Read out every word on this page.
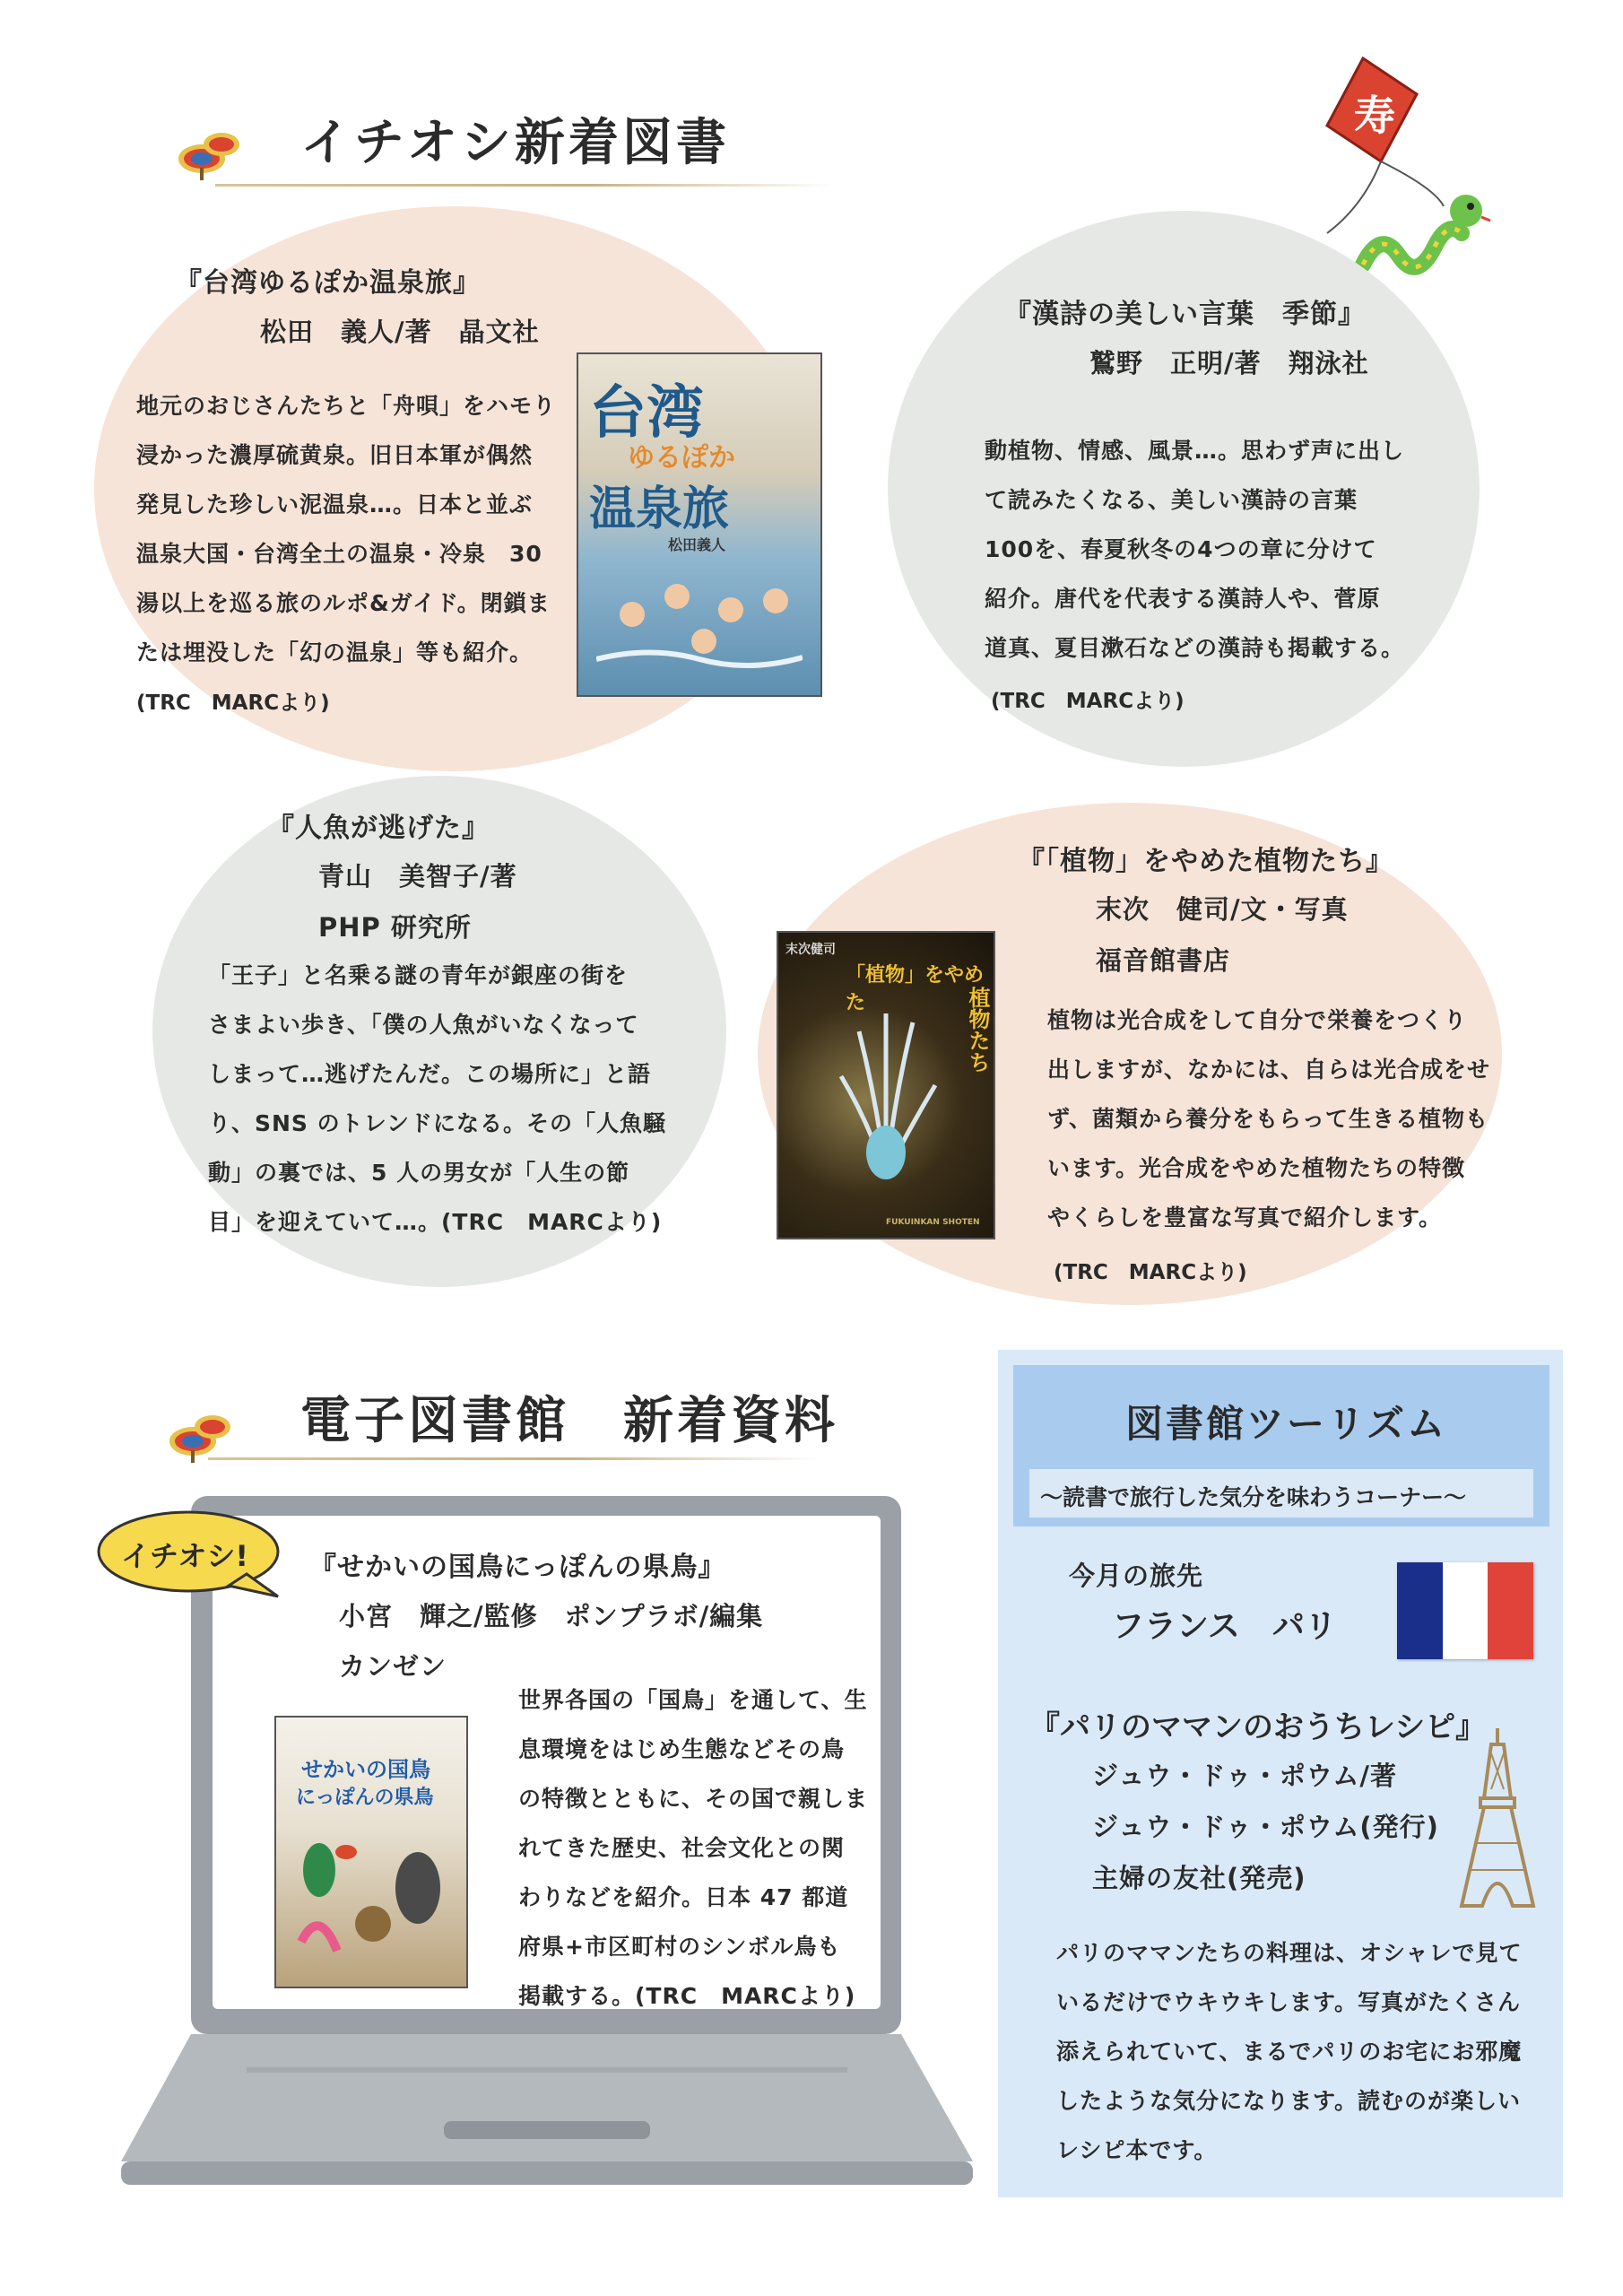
イチオシ新着図書	寿
『台湾ゆるぽか温泉旅』
松田　義人/著　晶文社
地元のおじさんたちと「舟唄」をハモり
浸かった濃厚硫黄泉。旧日本軍が偶然
発見した珍しい泥温泉…。日本と並ぶ
温泉大国・台湾全土の温泉・冷泉　30
湯以上を巡る旅のルポ&ガイド。閉鎖ま
たは埋没した「幻の温泉」等も紹介。
(TRC　MARCより)
台湾
ゆるぽか
温泉旅
松田義人
『漢詩の美しい言葉　季節』
鷲野　正明/著　翔泳社
動植物、情感、風景…。思わず声に出し
て読みたくなる、美しい漢詩の言葉
100を、春夏秋冬の4つの章に分けて
紹介。唐代を代表する漢詩人や、菅原
道真、夏目漱石などの漢詩も掲載する。
(TRC　MARCより)
『人魚が逃げた』
青山　美智子/著
PHP 研究所
「王子」と名乗る謎の青年が銀座の街を
さまよい歩き、「僕の人魚がいなくなって
しまって…逃げたんだ。この場所に」と語
り、SNS のトレンドになる。その「人魚騒
動」の裏では、5 人の男女が「人生の節
目」を迎えていて…。(TRC　MARCより)
『「植物」をやめた植物たち』
末次　健司/文・写真
福音館書店
植物は光合成をして自分で栄養をつくり
出しますが、なかには、自らは光合成をせ
ず、菌類から養分をもらって生きる植物も
います。光合成をやめた植物たちの特徴
やくらしを豊富な写真で紹介します。
(TRC　MARCより)
末次健司
「植物」をやめた	植物たち
FUKUINKAN SHOTEN
電子図書館　新着資料
イチオシ! 『せかいの国鳥にっぽんの県鳥』
小宮　輝之/監修　ポンプラボ/編集
カンゼン
世界各国の「国鳥」を通して、生
息環境をはじめ生態などその鳥
の特徴とともに、その国で親しま
れてきた歴史、社会文化との関
わりなどを紹介。日本 47 都道
府県+市区町村のシンボル鳥も
掲載する。(TRC　MARCより)
せかいの国鳥
にっぽんの県鳥
図書館ツーリズム
～読書で旅行した気分を味わうコーナー～
今月の旅先
フランス　パリ
『パリのママンのおうちレシピ』
ジュウ・ドゥ・ポウム/著
ジュウ・ドゥ・ポウム(発行)
主婦の友社(発売)
パリのママンたちの料理は、オシャレで見て
いるだけでウキウキします。写真がたくさん
添えられていて、まるでパリのお宅にお邪魔
したような気分になります。読むのが楽しい
レシピ本です。
